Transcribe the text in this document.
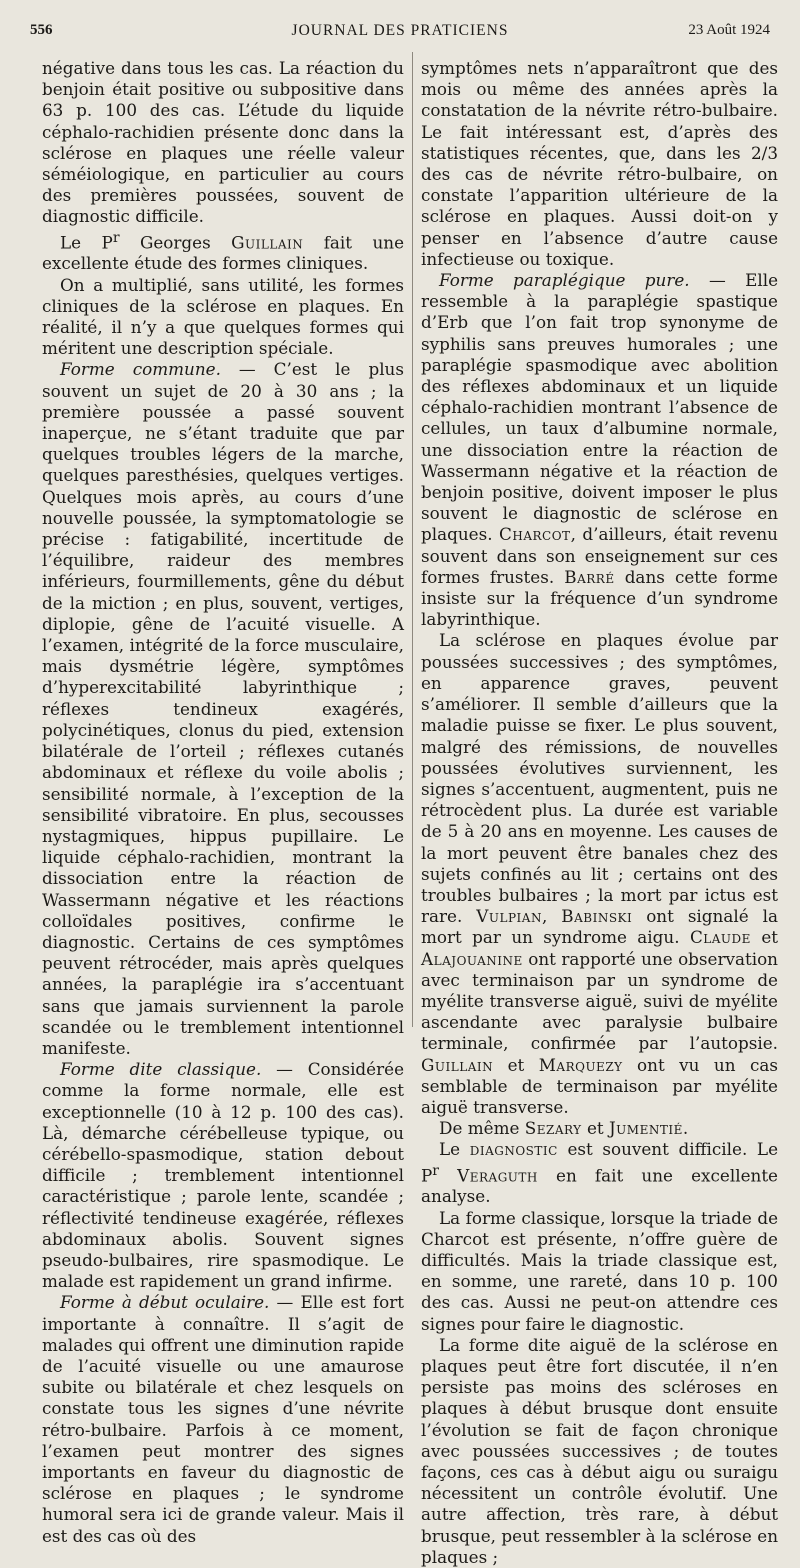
556	JOURNAL DES PRATICIENS	23 Août 1924

négative dans tous les cas. La réaction du benjoin était positive ou subpositive dans 63 p. 100 des cas. L’étude du liquide céphalo-rachidien présente donc dans la sclérose en plaques une réelle valeur séméiologique, en particulier au cours des premières poussées, souvent de diagnostic difficile.

Le $P^r$ Georges Guillain fait une excellente étude des formes cliniques.

On a multiplié, sans utilité, les formes cliniques de la sclérose en plaques. En réalité, il n’y a que quelques formes qui méritent une description spéciale.

Forme commune. — C’est le plus souvent un sujet de 20 à 30 ans ; la première poussée a passé souvent inaperçue, ne s’étant traduite que par quelques troubles légers de la marche, quelques paresthésies, quelques vertiges. Quelques mois après, au cours d’une nouvelle poussée, la symptomatologie se précise : fatigabilité, incertitude de l’équilibre, raideur des membres inférieurs, fourmillements, gêne du début de la miction ; en plus, souvent, vertiges, diplopie, gêne de l’acuité visuelle. A l’examen, intégrité de la force musculaire, mais dysmétrie légère, symptômes d’hyperexcitabilité labyrinthique ; réflexes tendineux exagérés, polycinétiques, clonus du pied, extension bilatérale de l’orteil ; réflexes cutanés abdominaux et réflexe du voile abolis ; sensibilité normale, à l’exception de la sensibilité vibratoire. En plus, secousses nystagmiques, hippus pupillaire. Le liquide céphalo-rachidien, montrant la dissociation entre la réaction de Wassermann négative et les réactions colloïdales positives, confirme le diagnostic. Certains de ces symptômes peuvent rétrocéder, mais après quelques années, la paraplégie ira s’accentuant sans que jamais surviennent la parole scandée ou le tremblement intentionnel manifeste.

Forme dite classique. — Considérée comme la forme normale, elle est exceptionnelle (10 à 12 p. 100 des cas). Là, démarche cérébelleuse typique, ou cérébello-spasmodique, station debout difficile ; tremblement intentionnel caractéristique ; parole lente, scandée ; réflectivité tendineuse exagérée, réflexes abdominaux abolis. Souvent signes pseudo-bulbaires, rire spasmodique. Le malade est rapidement un grand infirme.

Forme à début oculaire. — Elle est fort importante à connaître. Il s’agit de malades qui offrent une diminution rapide de l’acuité visuelle ou une amaurose subite ou bilatérale et chez lesquels on constate tous les signes d’une névrite rétro-bulbaire. Parfois à ce moment, l’examen peut montrer des signes importants en faveur du diagnostic de sclérose en plaques ; le syndrome humoral sera ici de grande valeur. Mais il est des cas où des

symptômes nets n’apparaîtront que des mois ou même des années après la constatation de la névrite rétro-bulbaire. Le fait intéressant est, d’après des statistiques récentes, que, dans les 2/3 des cas de névrite rétro-bulbaire, on constate l’apparition ultérieure de la sclérose en plaques. Aussi doit-on y penser en l’absence d’autre cause infectieuse ou toxique.

Forme paraplégique pure. — Elle ressemble à la paraplégie spastique d’Erb que l’on fait trop synonyme de syphilis sans preuves humorales ; une paraplégie spasmodique avec abolition des réflexes abdominaux et un liquide céphalo-rachidien montrant l’absence de cellules, un taux d’albumine normale, une dissociation entre la réaction de Wassermann négative et la réaction de benjoin positive, doivent imposer le plus souvent le diagnostic de sclérose en plaques. Charcot, d’ailleurs, était revenu souvent dans son enseignement sur ces formes frustes. Barré dans cette forme insiste sur la fréquence d’un syndrome labyrinthique.

La sclérose en plaques évolue par poussées successives ; des symptômes, en apparence graves, peuvent s’améliorer. Il semble d’ailleurs que la maladie puisse se fixer. Le plus souvent, malgré des rémissions, de nouvelles poussées évolutives surviennent, les signes s’accentuent, augmentent, puis ne rétrocèdent plus. La durée est variable de 5 à 20 ans en moyenne. Les causes de la mort peuvent être banales chez des sujets confinés au lit ; certains ont des troubles bulbaires ; la mort par ictus est rare. Vulpian, Babinski ont signalé la mort par un syndrome aigu. Claude et Alajouanine ont rapporté une observation avec terminaison par un syndrome de myélite transverse aiguë, suivi de myélite ascendante avec paralysie bulbaire terminale, confirmée par l’autopsie. Guillain et Marquezy ont vu un cas semblable de terminaison par myélite aiguë transverse.

De même Sezary et Jumentié.

Le diagnostic est souvent difficile. Le $P^r$ Veraguth en fait une excellente analyse.

La forme classique, lorsque la triade de Charcot est présente, n’offre guère de difficultés. Mais la triade classique est, en somme, une rareté, dans 10 p. 100 des cas. Aussi ne peut-on attendre ces signes pour faire le diagnostic.

La forme dite aiguë de la sclérose en plaques peut être fort discutée, il n’en persiste pas moins des scléroses en plaques à début brusque dont ensuite l’évolution se fait de façon chronique avec poussées successives ; de toutes façons, ces cas à début aigu ou suraigu nécessitent un contrôle évolutif. Une autre affection, très rare, à début brusque, peut ressembler à la sclérose en plaques ;
